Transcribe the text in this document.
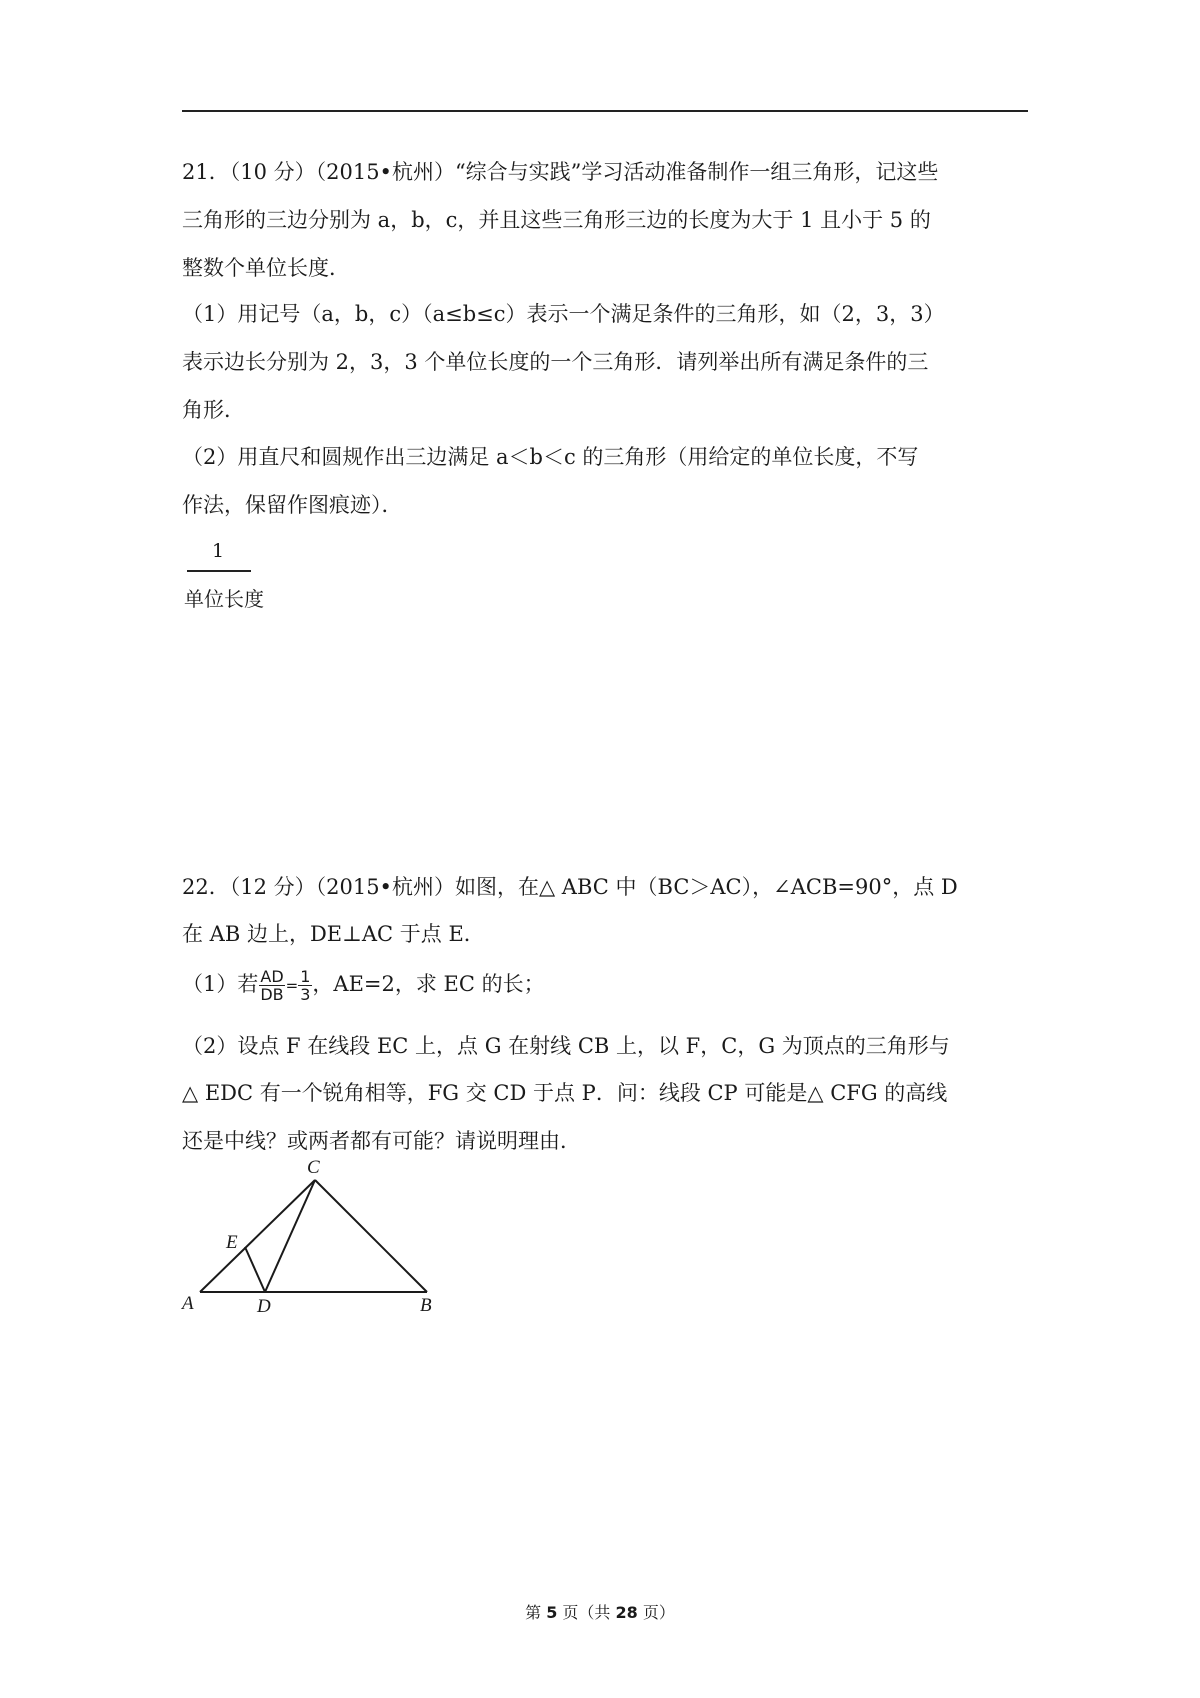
21．（10 分）（2015•杭州）“综合与实践”学习活动准备制作一组三角形，记这些
三角形的三边分别为 a，b，c，并且这些三角形三边的长度为大于 1 且小于 5 的
整数个单位长度．
（1）用记号（a，b，c）（a≤b≤c）表示一个满足条件的三角形，如（2，3，3）
表示边长分别为 2，3，3 个单位长度的一个三角形．请列举出所有满足条件的三
角形．
（2）用直尺和圆规作出三边满足 a＜b＜c 的三角形（用给定的单位长度，不写
作法，保留作图痕迹）．
1
单位长度
22．（12 分）（2015•杭州）如图，在△ ABC 中（BC＞AC），∠ACB=90°，点 D
在 AB 边上，DE⊥AC 于点 E．
（1）若 $\frac{AD}{DB} = \frac{1}{3}$ ，AE=2，求 EC 的长；
（2）设点 F 在线段 EC 上，点 G 在射线 CB 上，以 F，C，G 为顶点的三角形与
△ EDC 有一个锐角相等，FG 交 CD 于点 P．问：线段 CP 可能是△ CFG 的高线
还是中线？或两者都有可能？请说明理由．
C
E
A	D	B
第 5 页（共 28 页）
